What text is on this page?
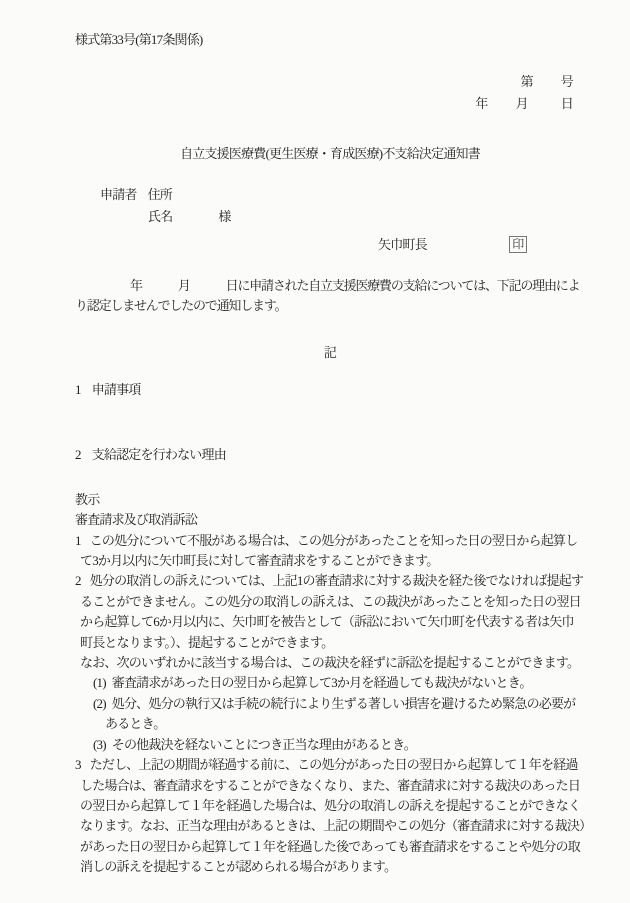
様式第33号(第17条関係)
第 号
年 月	日
自立支援医療費(更生医療・育成医療)不支給決定通知書
申請者 住所
氏名	様
矢巾町長	印

年	月	日に申請された自立支援医療費の支給については、下記の理由により認定しませんでしたので通知します。

記
1 申請事項
2 支給認定を行わない理由
教示
審査請求及び取消訴訟
1 この処分について不服がある場合は、この処分があったことを知った日の翌日から起算して3か月以内に矢巾町長に対して審査請求をすることができます。
2 処分の取消しの訴えについては、上記1の審査請求に対する裁決を経た後でなければ提起することができません。この処分の取消しの訴えは、この裁決があったことを知った日の翌日から起算して6か月以内に、矢巾町を被告として（訴訟において矢巾町を代表する者は矢巾町長となります。）、提起することができます。
なお、次のいずれかに該当する場合は、この裁決を経ずに訴訟を提起することができます。
(1) 審査請求があった日の翌日から起算して3か月を経過しても裁決がないとき。
(2) 処分、処分の執行又は手続の続行により生ずる著しい損害を避けるため緊急の必要があるとき。
(3) その他裁決を経ないことにつき正当な理由があるとき。
3 ただし、上記の期間が経過する前に、この処分があった日の翌日から起算して１年を経過した場合は、審査請求をすることができなくなり、また、審査請求に対する裁決のあった日の翌日から起算して１年を経過した場合は、処分の取消しの訴えを提起することができなくなります。なお、正当な理由があるときは、上記の期間やこの処分（審査請求に対する裁決）があった日の翌日から起算して１年を経過した後であっても審査請求をすることや処分の取消しの訴えを提起することが認められる場合があります。
